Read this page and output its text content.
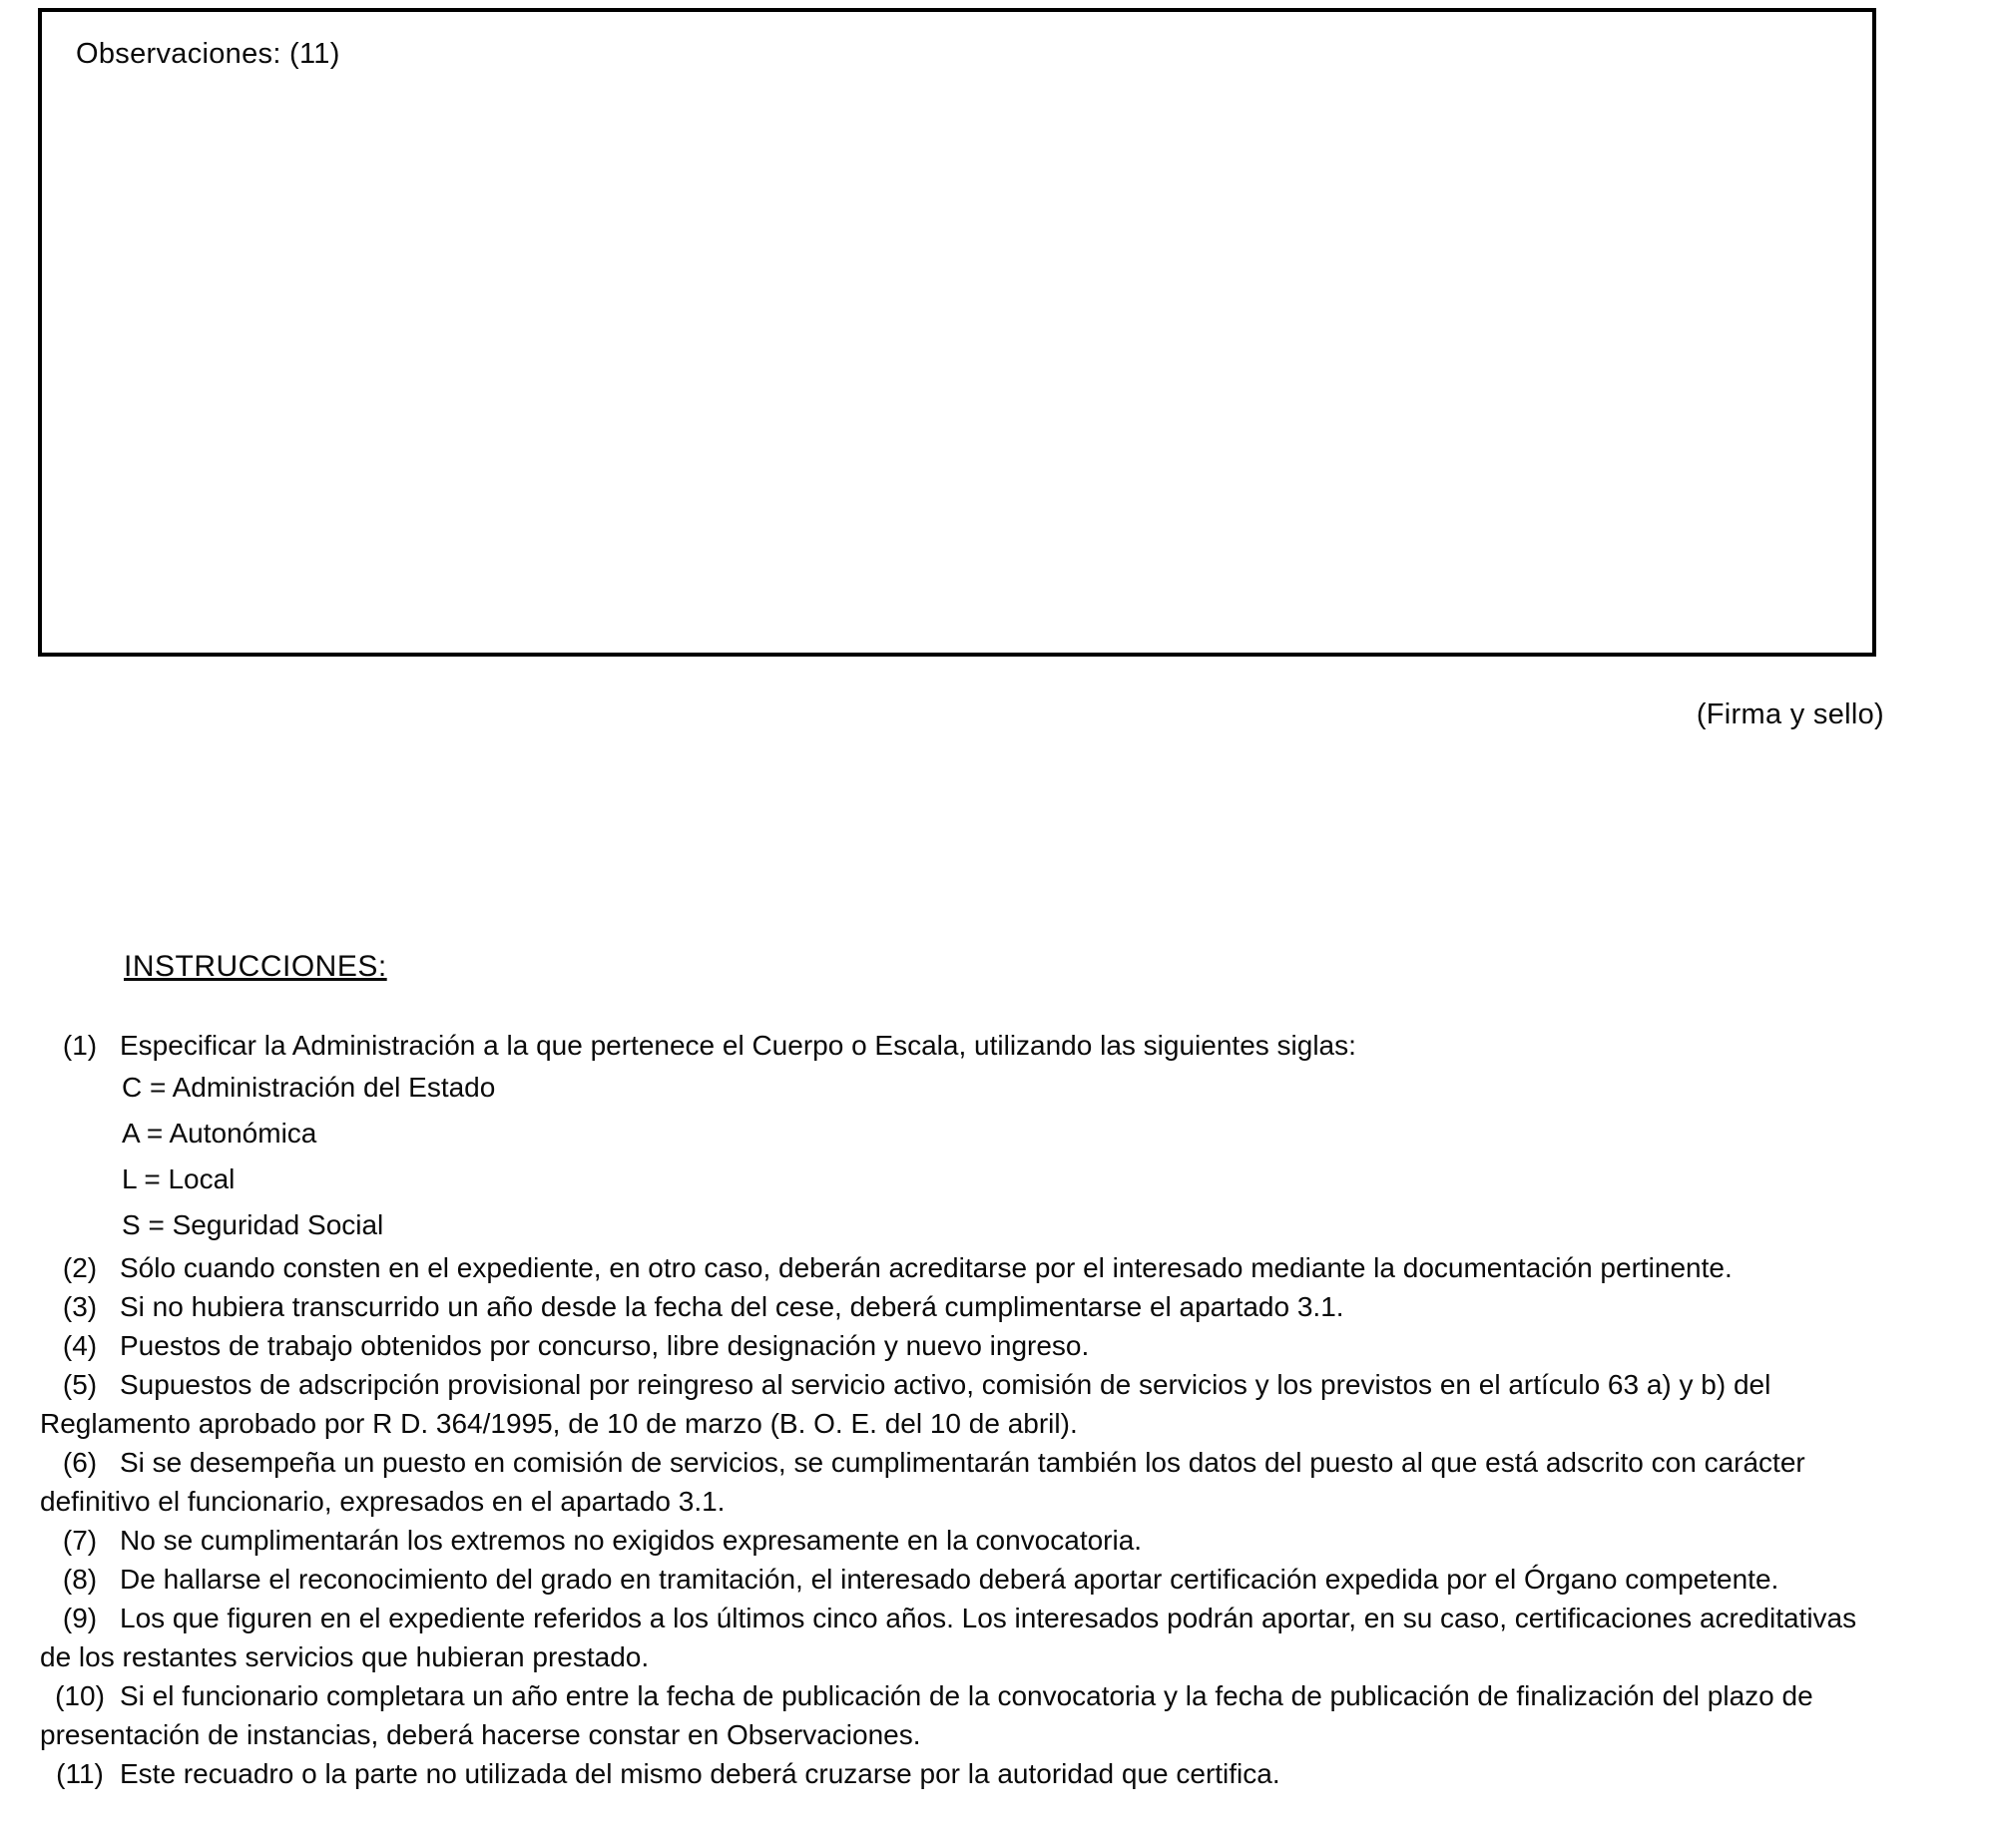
Observaciones: (11)
(Firma y sello)
INSTRUCCIONES:

(1) Especificar la Administración a la que pertenece el Cuerpo o Escala, utilizando las siguientes siglas:

C = Administración del Estado

A = Autonómica

L = Local

S = Seguridad Social

(2) Sólo cuando consten en el expediente, en otro caso, deberán acreditarse por el interesado mediante la documentación pertinente.

(3) Si no hubiera transcurrido un año desde la fecha del cese, deberá cumplimentarse el apartado 3.1.

(4) Puestos de trabajo obtenidos por concurso, libre designación y nuevo ingreso.

(5) Supuestos de adscripción provisional por reingreso al servicio activo, comisión de servicios y los previstos en el artículo 63 a) y b) del Reglamento aprobado por R D. 364/1995, de 10 de marzo (B. O. E. del 10 de abril).

(6) Si se desempeña un puesto en comisión de servicios, se cumplimentarán también los datos del puesto al que está adscrito con carácter definitivo el funcionario, expresados en el apartado 3.1.

(7) No se cumplimentarán los extremos no exigidos expresamente en la convocatoria.

(8) De hallarse el reconocimiento del grado en tramitación, el interesado deberá aportar certificación expedida por el Órgano competente.

(9) Los que figuren en el expediente referidos a los últimos cinco años. Los interesados podrán aportar, en su caso, certificaciones acreditativas de los restantes servicios que hubieran prestado.

(10) Si el funcionario completara un año entre la fecha de publicación de la convocatoria y la fecha de publicación de finalización del plazo de presentación de instancias, deberá hacerse constar en Observaciones.

(11) Este recuadro o la parte no utilizada del mismo deberá cruzarse por la autoridad que certifica.
